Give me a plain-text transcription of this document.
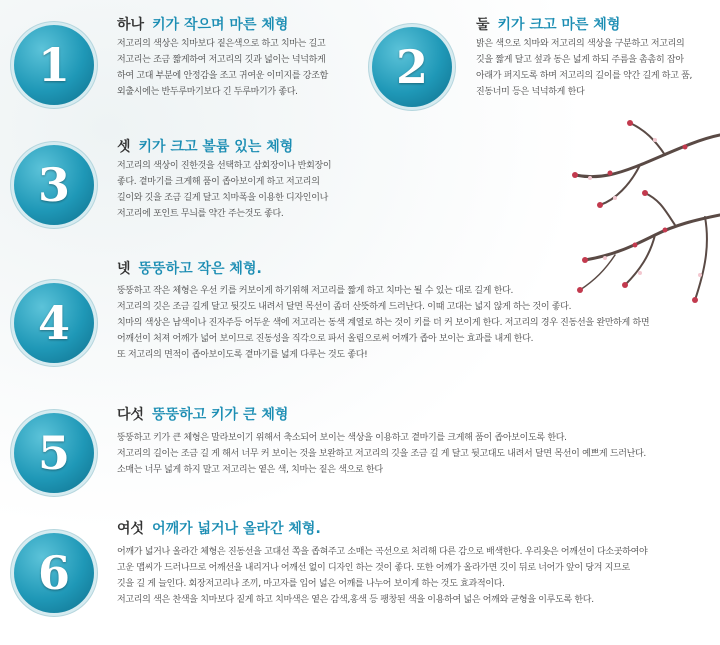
1
하나 키가 작으며 마른 체형
저고리의 색상은 치마보다 짙은색으로 하고 치마는 길고
저고리는 조금 짧게하여 저고리의 깃과 넓이는 넉넉하게
하여 고대 부분에 안정감을 조고 귀여운 이미지를 강조함
외출시에는 반두루마기보다 긴 두루마기가 좋다.	2
둘 키가 크고 마른 체형
밝은 색으로 치마와 저고리의 색상을 구분하고 저고리의
깃을 짧게 달고 섶과 동은 넓게 하되 주름을 촘촘히 잡아
아래가 퍼지도록 하며 저고리의 길이를 약간 길게 하고 품,
진동너미 등은 넉넉하게 한다
3
셋 키가 크고 볼륨 있는 체형
저고리의 색상이 진한것을 선택하고 삼회장이나 반회장이
좋다. 곁마기를 크게해 품이 좁아보이게 하고 저고리의
길이와 깃을 조금 길게 달고 치마폭을 이용한 디자인이나
저고리에 포인트 무늬를 약간 주는것도 좋다.
4
넷 뚱뚱하고 작은 체형.
뚱뚱하고 작은 체형은 우선 키를 커보이게 하기위해 저고리를 짧게 하고 치마는 될 수 있는 대로 길게 한다.
저고리의 깃은 조금 길게 달고 뒷깃도 내려서 달면 목선이 좀더 산뜻하게 드러난다. 이때 고대는 넓지 않게 하는 것이 좋다.
치마의 색상은 남색이나 진자주등 어두운 색에 저고리는 동색 계열로 하는 것이 키를 더 커 보이게 한다. 저고리의 경우 진동선을 완만하게 하면
어깨선이 처져 어깨가 넓어 보이므로 진동성을 직각으로 파서 올림으로써 어깨가 좁아 보이는 효과를 내게 한다.
또 저고리의 면적이 좁아보이도록 곁마기를 넓게 다루는 것도 좋다!
5
다섯 뚱뚱하고 키가 큰 체형
뚱뚱하고 키가 큰 체형은 말라보이기 위해서 축소되어 보이는 색상을 이용하고 곁마기를 크게해 품이 좁아보이도록 한다.
저고리의 길이는 조금 길 게 해서 너무 커 보이는 것을 보완하고 저고리의 깃을 조금 길 게 달고 뒷고대도 내려서 달면 목선이 예쁘게 드러난다.
소매는 너무 넓게 하지 말고 저고리는 옅은 색, 치마는 짙은 색으로 한다
6
여섯 어깨가 넓거나 올라간 체형.
어깨가 넓거나 올라간 체형은 진동선을 고대선 쪽을 좁혀주고 소매는 곡선으로 처리해 다른 감으로 배색한다. 우리옷은 어깨선이 다소곳하여야
고운 맵씨가 드러나므로 어깨선을 내리거나 어깨선 없이 디자인 하는 것이 좋다. 또한 어깨가 올라가면 깃이 뒤로 너어가 앞이 당겨 지므로
깃을 길 게 늘인다. 회장저고리나 조끼, 마고자를 입어 넓은 어깨를 나누어 보이게 하는 것도 효과적이다.
저고리의 색은 찬색을 치마보다 짙게 하고 치마색은 옅은 감색,홍색 등 팽창된 색을 이용하여 넓은 어깨와 균형을 이루도록 한다.
